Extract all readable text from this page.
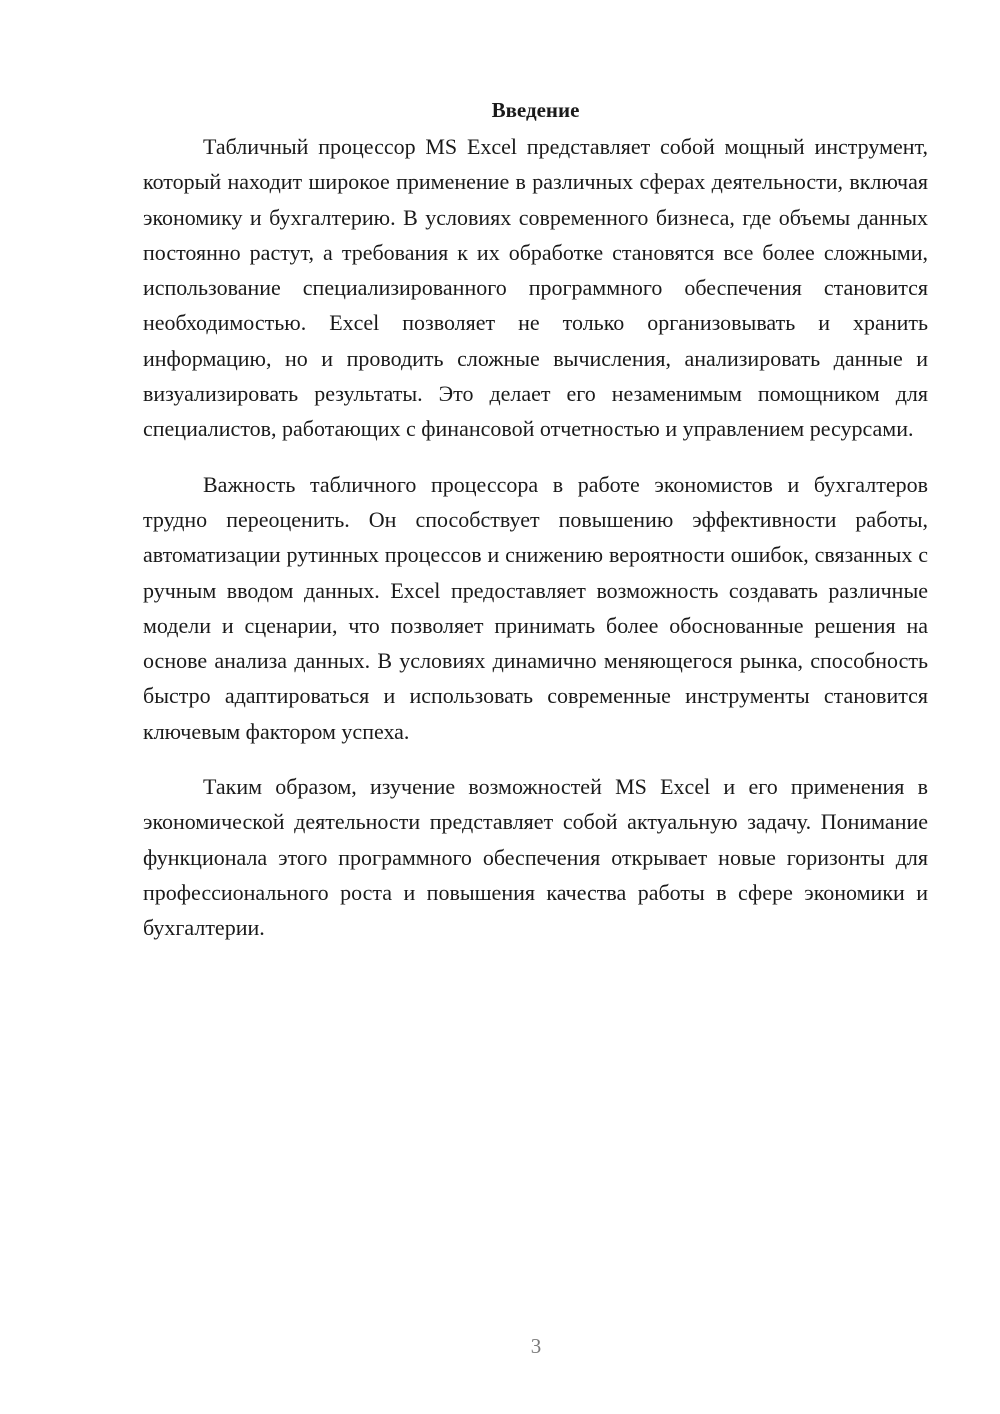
Введение

Табличный процессор MS Excel представляет собой мощный инструмент, который находит широкое применение в различных сферах деятельности, включая экономику и бухгалтерию. В условиях современного бизнеса, где объемы данных постоянно растут, а требования к их обработке становятся все более сложными, использование специализированного программного обеспечения становится необходимостью. Excel позволяет не только организовывать и хранить информацию, но и проводить сложные вычисления, анализировать данные и визуализировать результаты. Это делает его незаменимым помощником для специалистов, работающих с финансовой отчетностью и управлением ресурсами.

Важность табличного процессора в работе экономистов и бухгалтеров трудно переоценить. Он способствует повышению эффективности работы, автоматизации рутинных процессов и снижению вероятности ошибок, связанных с ручным вводом данных. Excel предоставляет возможность создавать различные модели и сценарии, что позволяет принимать более обоснованные решения на основе анализа данных. В условиях динамично меняющегося рынка, способность быстро адаптироваться и использовать современные инструменты становится ключевым фактором успеха.

Таким образом, изучение возможностей MS Excel и его применения в экономической деятельности представляет собой актуальную задачу. Понимание функционала этого программного обеспечения открывает новые горизонты для профессионального роста и повышения качества работы в сфере экономики и бухгалтерии.

3
